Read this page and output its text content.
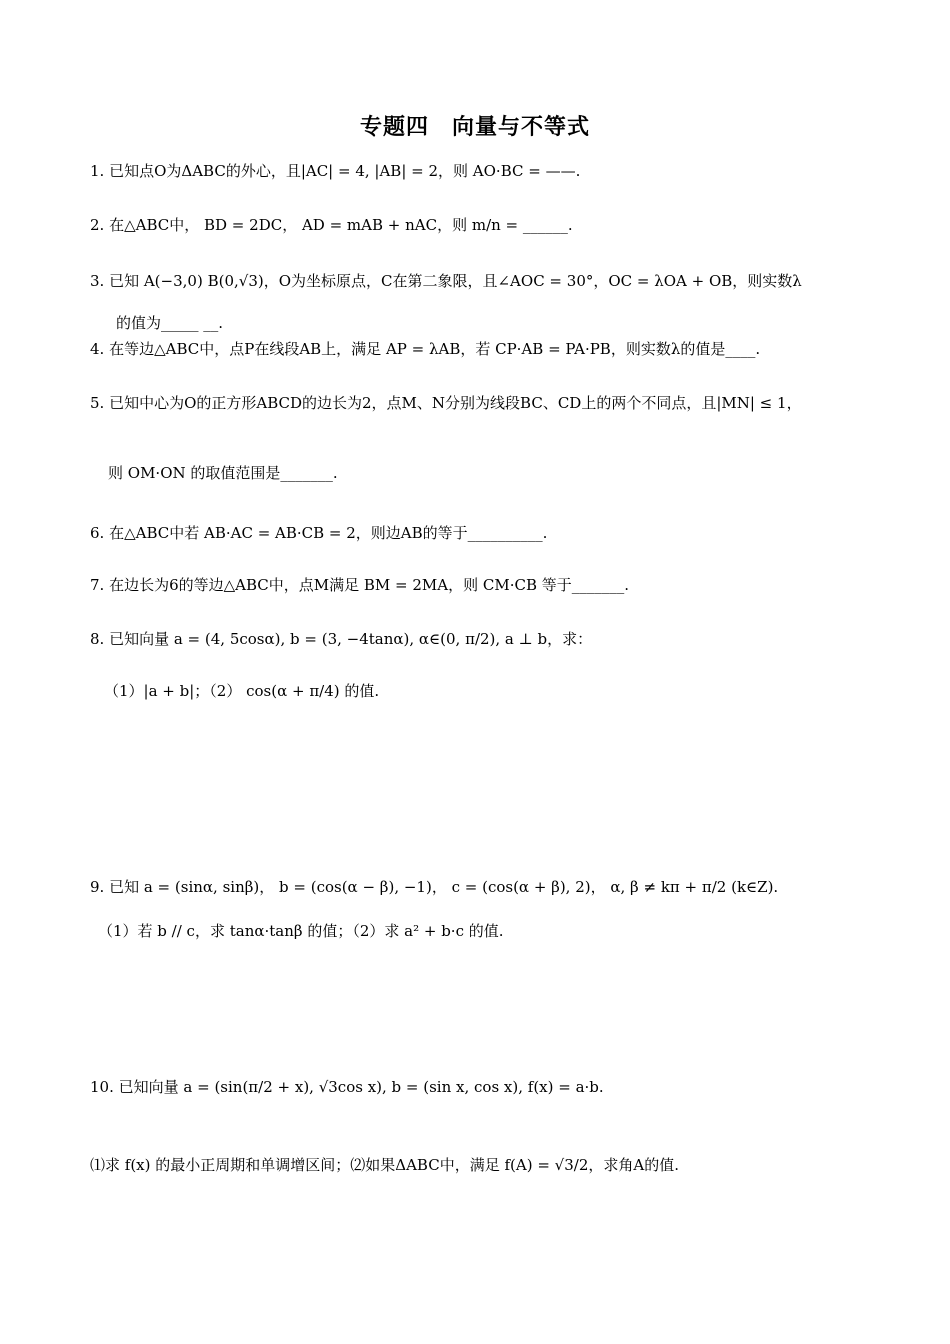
专题四　向量与不等式
1. 已知点O为ΔABC的外心，且|AC| = 4, |AB| = 2，则 AO·BC = ——.
2. 在△ABC中， BD = 2DC， AD = mAB + nAC，则 m/n = ______.
3. 已知 A(−3,0) B(0,√3)，O为坐标原点，C在第二象限，且∠AOC = 30°，OC = λOA + OB，则实数λ
的值为_____ __.
4. 在等边△ABC中，点P在线段AB上，满足 AP = λAB，若 CP·AB = PA·PB，则实数λ的值是____.
5. 已知中心为O的正方形ABCD的边长为2，点M、N分别为线段BC、CD上的两个不同点，且|MN| ≤ 1，
则 OM·ON 的取值范围是_______.
6. 在△ABC中若 AB·AC = AB·CB = 2，则边AB的等于__________.
7. 在边长为6的等边△ABC中，点M满足 BM = 2MA，则 CM·CB 等于_______.
8. 已知向量 a = (4, 5cosα), b = (3, −4tanα), α∈(0, π/2), a ⊥ b，求：
（1）|a + b|；（2） cos(α + π/4) 的值.
9. 已知 a = (sinα, sinβ)， b = (cos(α − β), −1)， c = (cos(α + β), 2)， α, β ≠ kπ + π/2 (k∈Z).
（1）若 b // c，求 tanα·tanβ 的值；（2）求 a² + b·c 的值.
10. 已知向量 a = (sin(π/2 + x), √3cos x), b = (sin x, cos x), f(x) = a·b.
⑴求 f(x) 的最小正周期和单调增区间；⑵如果ΔABC中，满足 f(A) = √3/2，求角A的值.
